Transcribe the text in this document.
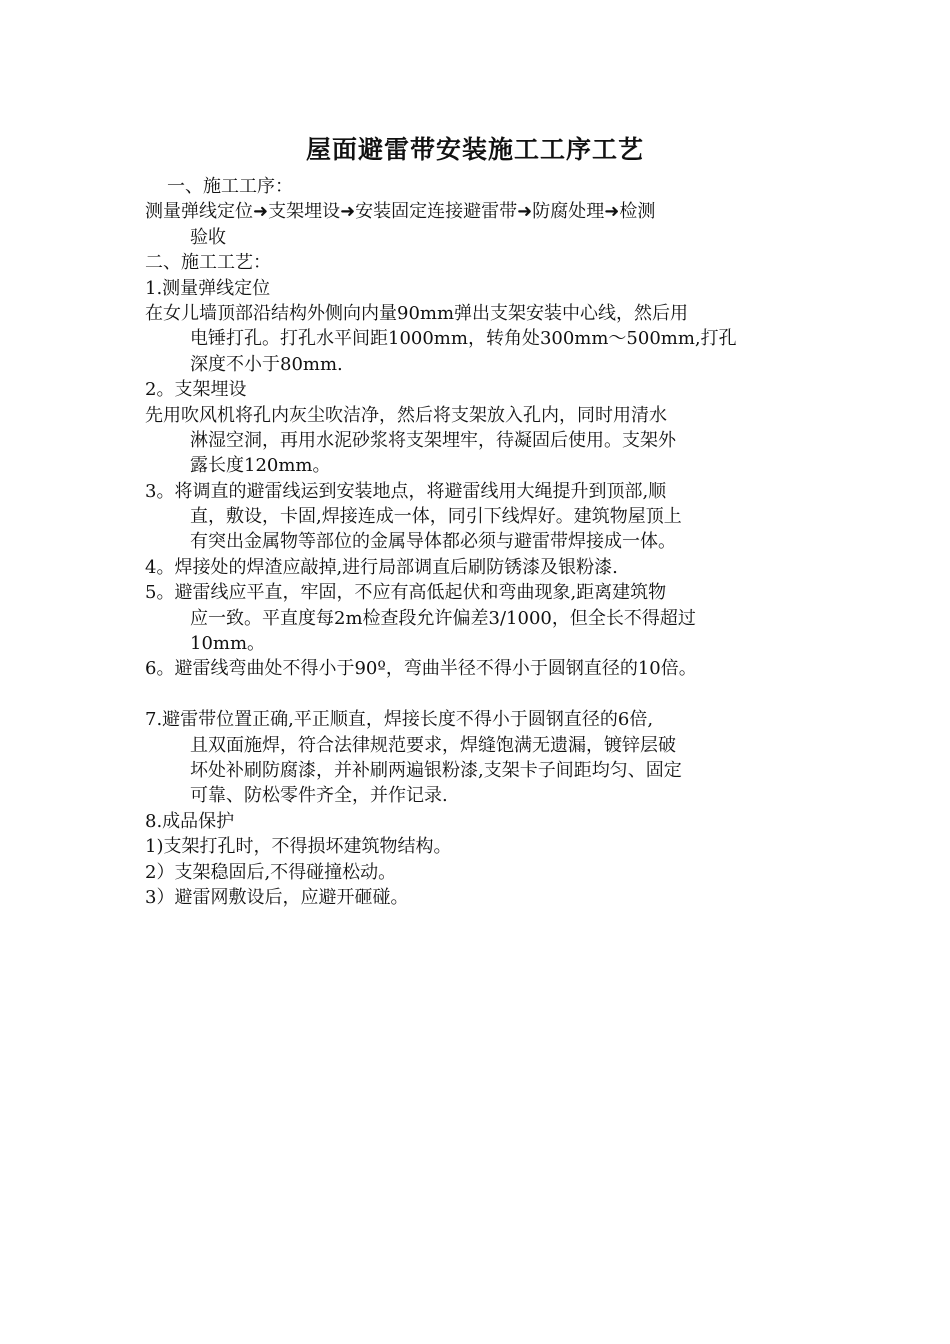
屋面避雷带安装施工工序工艺
一、施工工序：
测量弹线定位➜支架埋设➜安装固定连接避雷带➜防腐处理➜检测
验收
二、施工工艺：
1.测量弹线定位
在女儿墙顶部沿结构外侧向内量90mm弹出支架安装中心线，然后用
电锤打孔。打孔水平间距1000mm，转角处300mm～500mm,打孔
深度不小于80mm.
2。支架埋设
先用吹风机将孔内灰尘吹洁净，然后将支架放入孔内，同时用清水
淋湿空洞，再用水泥砂浆将支架埋牢，待凝固后使用。支架外
露长度120mm。
3。将调直的避雷线运到安装地点，将避雷线用大绳提升到顶部,顺
直，敷设，卡固,焊接连成一体，同引下线焊好。建筑物屋顶上
有突出金属物等部位的金属导体都必须与避雷带焊接成一体。
4。焊接处的焊渣应敲掉,进行局部调直后刷防锈漆及银粉漆.
5。避雷线应平直，牢固，不应有高低起伏和弯曲现象,距离建筑物
应一致。平直度每2m检查段允许偏差3/1000，但全长不得超过
10mm。
6。避雷线弯曲处不得小于90º，弯曲半径不得小于圆钢直径的10倍。
7.避雷带位置正确,平正顺直，焊接长度不得小于圆钢直径的6倍,
且双面施焊，符合法律规范要求，焊缝饱满无遗漏，镀锌层破
坏处补刷防腐漆，并补刷两遍银粉漆,支架卡子间距均匀、固定
可靠、防松零件齐全，并作记录.
8.成品保护
1)支架打孔时，不得损坏建筑物结构。
2）支架稳固后,不得碰撞松动。
3）避雷网敷设后，应避开砸碰。
